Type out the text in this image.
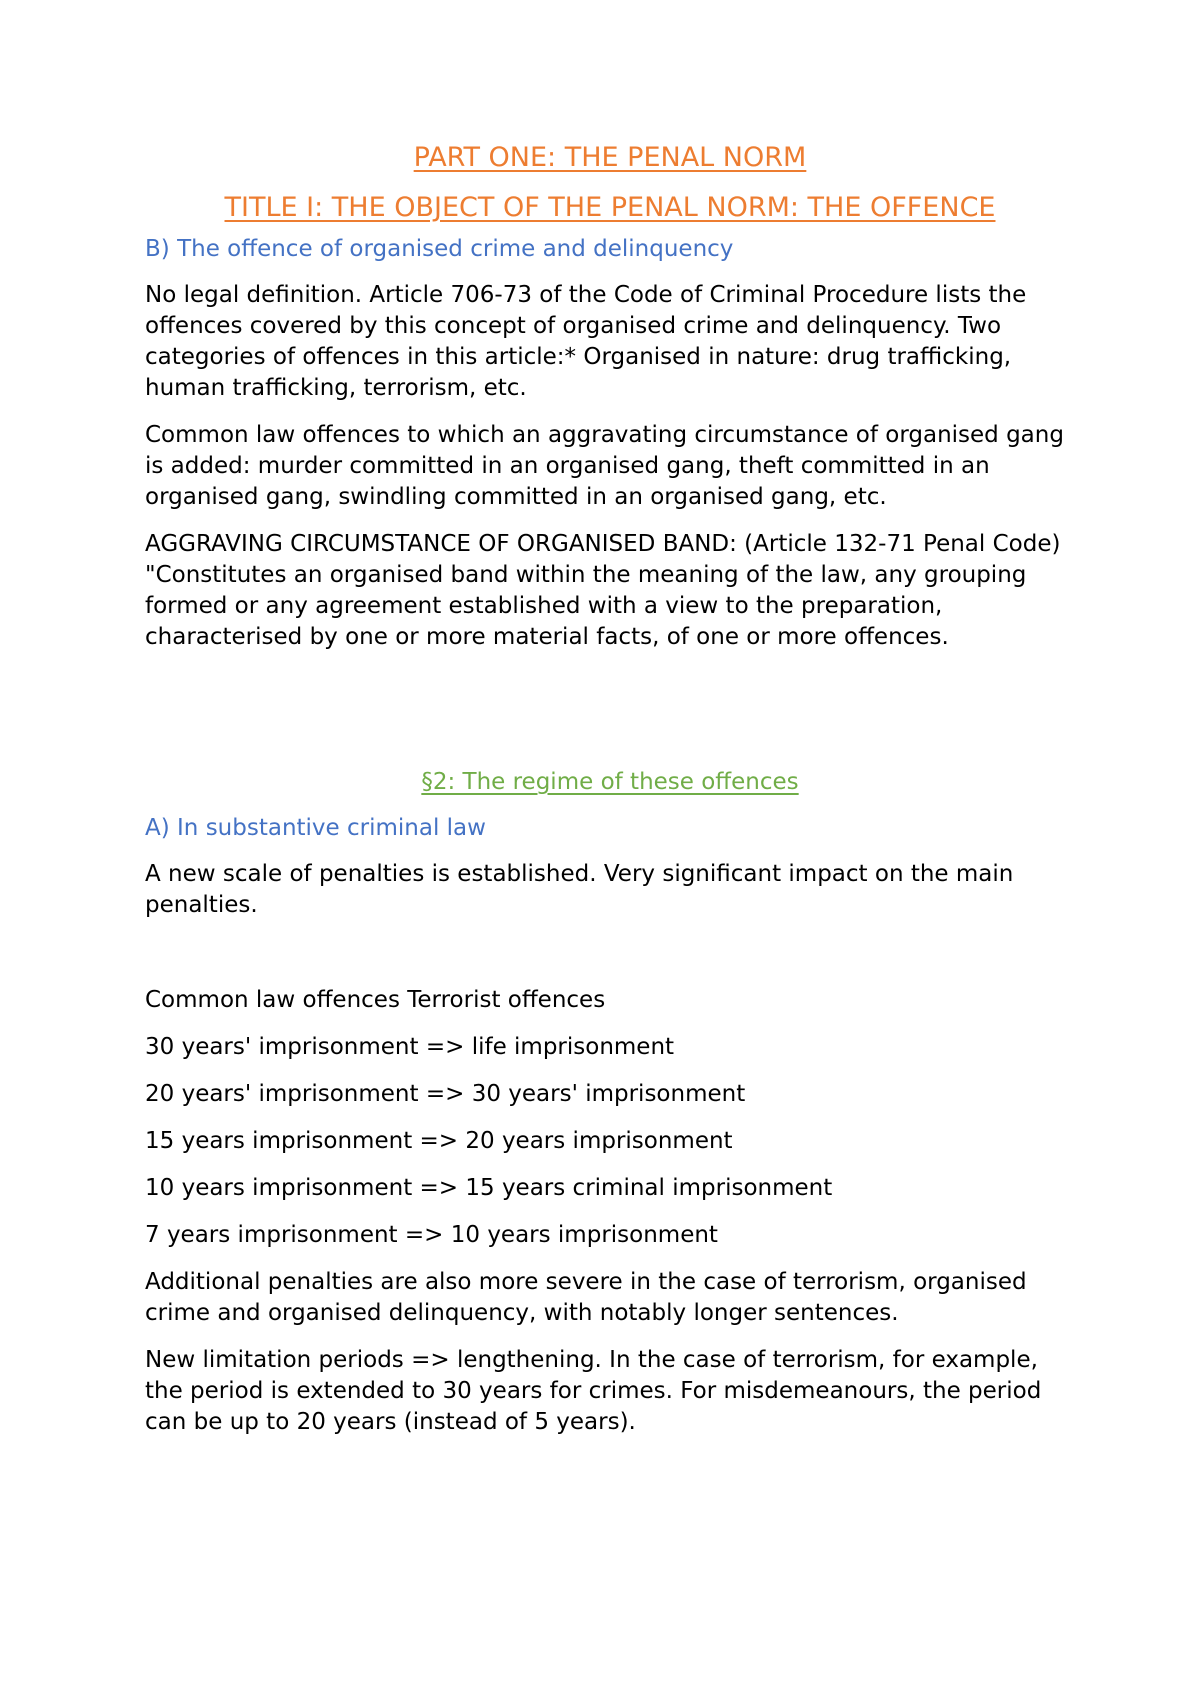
PART ONE: THE PENAL NORM
TITLE I: THE OBJECT OF THE PENAL NORM: THE OFFENCE
B) The offence of organised crime and delinquency

No legal definition. Article 706-73 of the Code of Criminal Procedure lists the offences covered by this concept of organised crime and delinquency. Two categories of offences in this article:* Organised in nature: drug trafficking, human trafficking, terrorism, etc.

Common law offences to which an aggravating circumstance of organised gang is added: murder committed in an organised gang, theft committed in an organised gang, swindling committed in an organised gang, etc.

AGGRAVING CIRCUMSTANCE OF ORGANISED BAND: (Article 132-71 Penal Code) "Constitutes an organised band within the meaning of the law, any grouping formed or any agreement established with a view to the preparation, characterised by one or more material facts, of one or more offences.

§2: The regime of these offences
A) In substantive criminal law

A new scale of penalties is established. Very significant impact on the main penalties.

Common law offences Terrorist offences

30 years' imprisonment => life imprisonment

20 years' imprisonment => 30 years' imprisonment

15 years imprisonment => 20 years imprisonment

10 years imprisonment => 15 years criminal imprisonment

7 years imprisonment => 10 years imprisonment

Additional penalties are also more severe in the case of terrorism, organised crime and organised delinquency, with notably longer sentences.

New limitation periods => lengthening. In the case of terrorism, for example, the period is extended to 30 years for crimes. For misdemeanours, the period can be up to 20 years (instead of 5 years).
